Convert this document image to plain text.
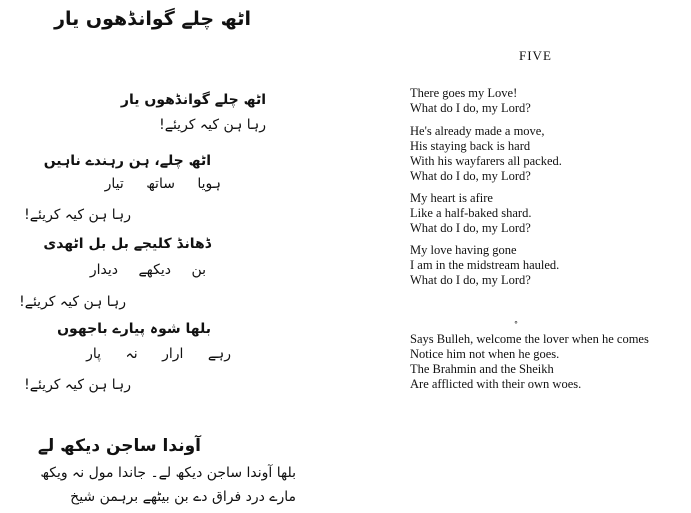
اٹھ چلے گوانڈھوں یار
اٹھ چلے گوانڈھوں یار
رہا ہن کیہ کریئے!
اٹھ چلے، ہن رہندے ناہیں
ہویا ساتھ تیار
رہا ہن کیہ کریئے!
ڈھانڈ کلیجے بل بل اٹھدی
بن دیکھے دیدار
رہا ہن کیہ کریئے!
بلھا شوہ پیارے باجھوں
رہے ارار نہ پار
رہا ہن کیہ کریئے!
آوندا ساجن دیکھ لے
بلھا آوندا ساجن دیکھ لے۔ جاندا مول نہ ویکھ
مارے درد فراق دے بن بیٹھے برہمن شیخ
FIVE
There goes my Love!
What do I do, my Lord?
He's already made a move,
His staying back is hard
With his wayfarers all packed.
What do I do, my Lord?
My heart is afire
Like a half-baked shard.
What do I do, my Lord?
My love having gone
I am in the midstream hauled.
What do I do, my Lord?
°
Says Bulleh, welcome the lover when he comes
Notice him not when he goes.
The Brahmin and the Sheikh
Are afflicted with their own woes.
